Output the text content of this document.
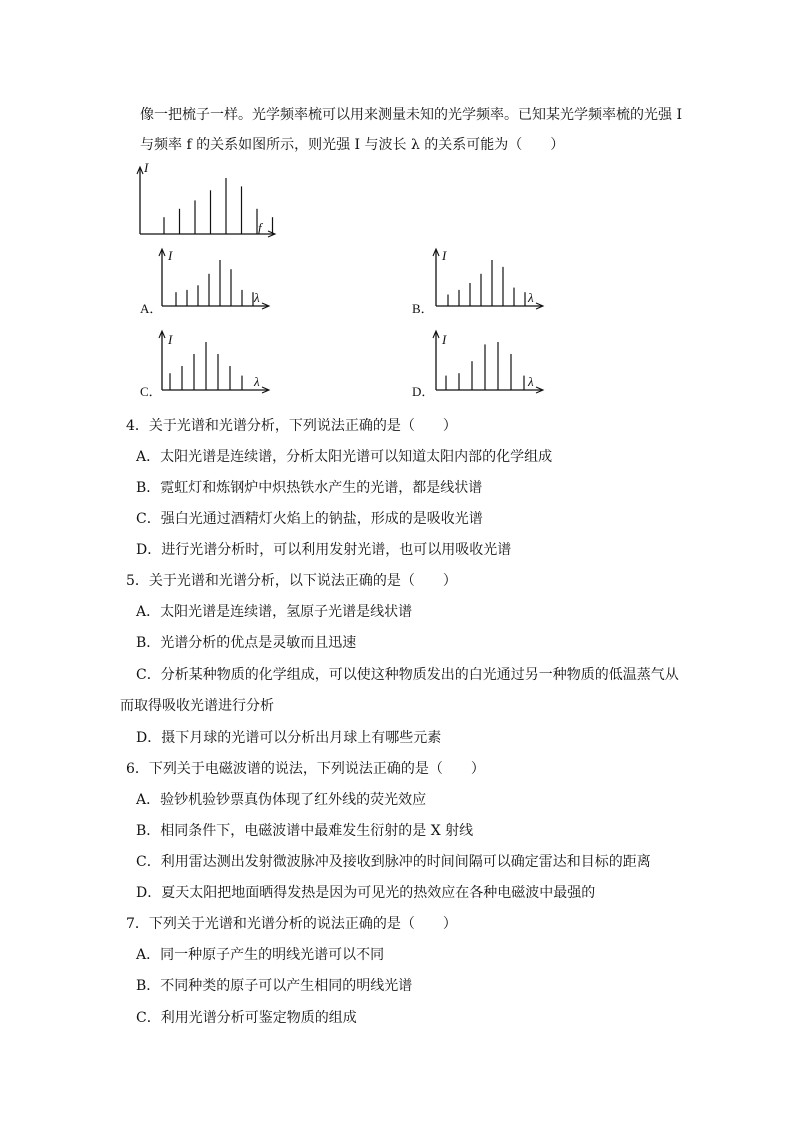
像一把梳子一样。光学频率梳可以用来测量未知的光学频率。已知某光学频率梳的光强 I
与频率 f 的关系如图所示，则光强 I 与波长 λ 的关系可能为（　　）
I
f
A．
I
λ
B．
I
λ
C．
I
λ
D．
I
λ
4．关于光谱和光谱分析，下列说法正确的是（　　）
A．太阳光谱是连续谱，分析太阳光谱可以知道太阳内部的化学组成
B．霓虹灯和炼钢炉中炽热铁水产生的光谱，都是线状谱
C．强白光通过酒精灯火焰上的钠盐，形成的是吸收光谱
D．进行光谱分析时，可以利用发射光谱，也可以用吸收光谱
5．关于光谱和光谱分析，以下说法正确的是（　　）
A．太阳光谱是连续谱，氢原子光谱是线状谱
B．光谱分析的优点是灵敏而且迅速
C．分析某种物质的化学组成，可以使这种物质发出的白光通过另一种物质的低温蒸气从
而取得吸收光谱进行分析
D．摄下月球的光谱可以分析出月球上有哪些元素
6．下列关于电磁波谱的说法，下列说法正确的是（　　）
A．验钞机验钞票真伪体现了红外线的荧光效应
B．相同条件下，电磁波谱中最难发生衍射的是 X 射线
C．利用雷达测出发射微波脉冲及接收到脉冲的时间间隔可以确定雷达和目标的距离
D．夏天太阳把地面晒得发热是因为可见光的热效应在各种电磁波中最强的
7．下列关于光谱和光谱分析的说法正确的是（　　）
A．同一种原子产生的明线光谱可以不同
B．不同种类的原子可以产生相同的明线光谱
C．利用光谱分析可鉴定物质的组成
